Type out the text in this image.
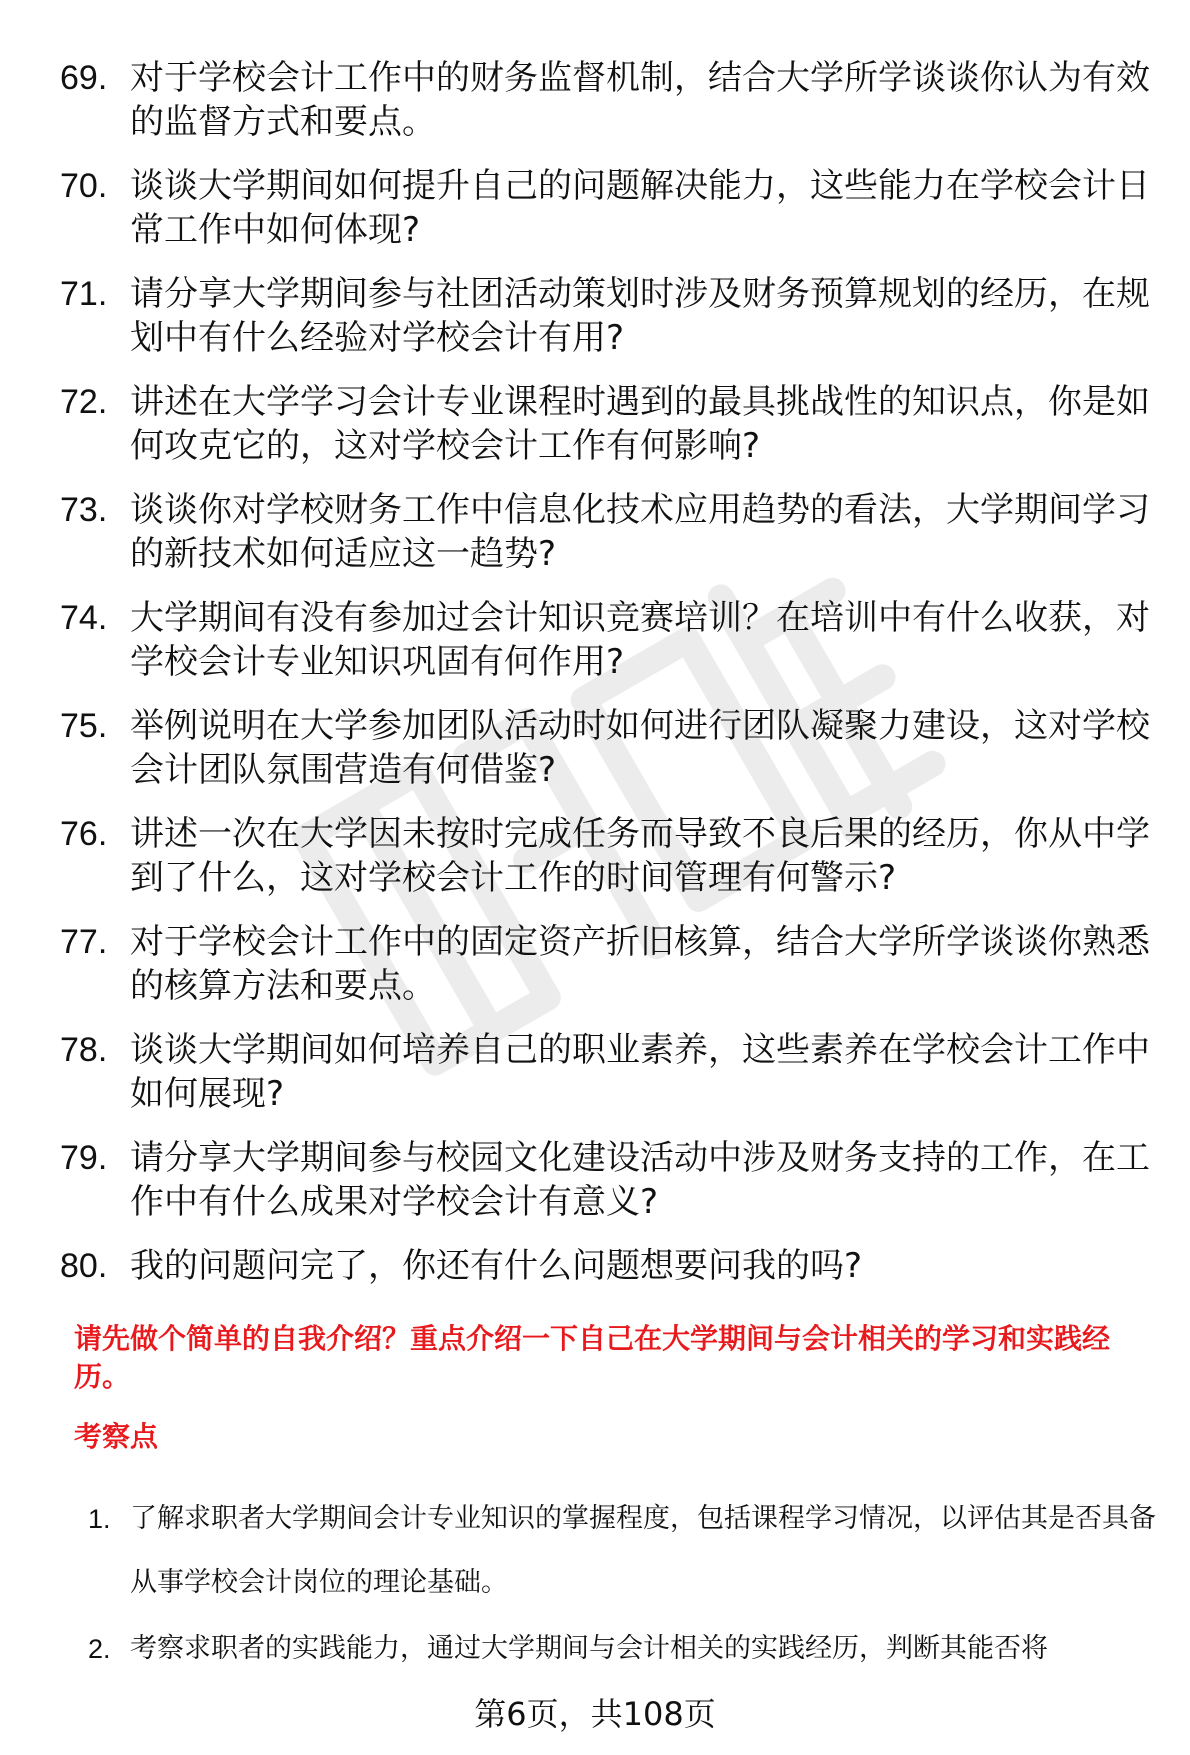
69. 对于学校会计工作中的财务监督机制，结合大学所学谈谈你认为有效的监督方式和要点。
70. 谈谈大学期间如何提升自己的问题解决能力，这些能力在学校会计日常工作中如何体现?
71. 请分享大学期间参与社团活动策划时涉及财务预算规划的经历，在规划中有什么经验对学校会计有用?
72. 讲述在大学学习会计专业课程时遇到的最具挑战性的知识点，你是如何攻克它的，这对学校会计工作有何影响?
73. 谈谈你对学校财务工作中信息化技术应用趋势的看法，大学期间学习的新技术如何适应这一趋势?
74. 大学期间有没有参加过会计知识竞赛培训？在培训中有什么收获，对学校会计专业知识巩固有何作用?
75. 举例说明在大学参加团队活动时如何进行团队凝聚力建设，这对学校会计团队氛围营造有何借鉴?
76. 讲述一次在大学因未按时完成任务而导致不良后果的经历，你从中学到了什么，这对学校会计工作的时间管理有何警示?
77. 对于学校会计工作中的固定资产折旧核算，结合大学所学谈谈你熟悉的核算方法和要点。
78. 谈谈大学期间如何培养自己的职业素养，这些素养在学校会计工作中如何展现?
79. 请分享大学期间参与校园文化建设活动中涉及财务支持的工作，在工作中有什么成果对学校会计有意义?
80. 我的问题问完了，你还有什么问题想要问我的吗?
请先做个简单的自我介绍？重点介绍一下自己在大学期间与会计相关的学习和实践经历。
考察点
1. 了解求职者大学期间会计专业知识的掌握程度，包括课程学习情况，以评估其是否具备从事学校会计岗位的理论基础。
2. 考察求职者的实践能力，通过大学期间与会计相关的实践经历，判断其能否将
第6页，共108页
